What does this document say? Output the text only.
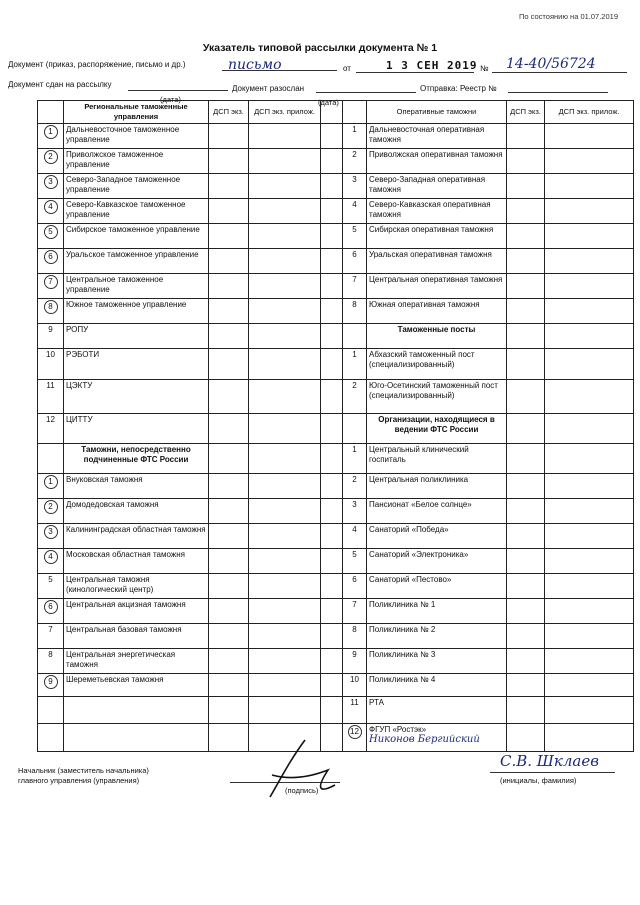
По состоянию на 01.07.2019
Указатель типовой рассылки документа № 1
Документ (приказ, распоряжение, письмо и др.)	письмо	от	1 3 СЕН 2019 № 14-40/56724
Документ сдан на рассылку
(дата)
Документ разослан
(дата)
Отправка: Реестр №
	Региональные таможенные управления	ДСП экз.	ДСП экз. прилож.			Оперативные таможни	ДСП экз.	ДСП экз. прилож.
1	Дальневосточное таможенное управление				1	Дальневосточная оперативная таможня		
2	Приволжское таможенное управление				2	Приволжская оперативная таможня		
3	Северо-Западное таможенное управление				3	Северо-Западная оперативная таможня		
4	Северо-Кавказское таможенное управление				4	Северо-Кавказская оперативная таможня		
5	Сибирское таможенное управление				5	Сибирская оперативная таможня		
6	Уральское таможенное управление				6	Уральская оперативная таможня		
7	Центральное таможенное управление				7	Центральная оперативная таможня		
8	Южное таможенное управление				8	Южная оперативная таможня		
9	РОПУ					Таможенные посты		
10	РЭБОТИ				1	Абхазский таможенный пост (специализированный)		
11	ЦЭКТУ				2	Юго-Осетинский таможенный пост (специализированный)		
12	ЦИТТУ					Организации, находящиеся в ведении ФТС России		
	Таможни, непосредственно подчиненные ФТС России				1	Центральный клинический госпиталь		
1	Внуковская таможня				2	Центральная поликлиника		
2	Домодедовская таможня				3	Пансионат «Белое солнце»		
3	Калининградская областная таможня				4	Санаторий «Победа»		
4	Московская областная таможня				5	Санаторий «Электроника»		
5	Центральная таможня (кинологический центр)				6	Санаторий «Пестово»		
6	Центральная акцизная таможня				7	Поликлиника № 1		
7	Центральная базовая таможня				8	Поликлиника № 2		
8	Центральная энергетическая таможня				9	Поликлиника № 3		
9	Шереметьевская таможня				10	Поликлиника № 4		
					11	РТА		
					12	ФГУП «Ростэк»
Никонов Бергийский		

Начальник (заместитель начальника)
главного управления (управления)
(подпись)
С.В. Шклаев
(инициалы, фамилия)
